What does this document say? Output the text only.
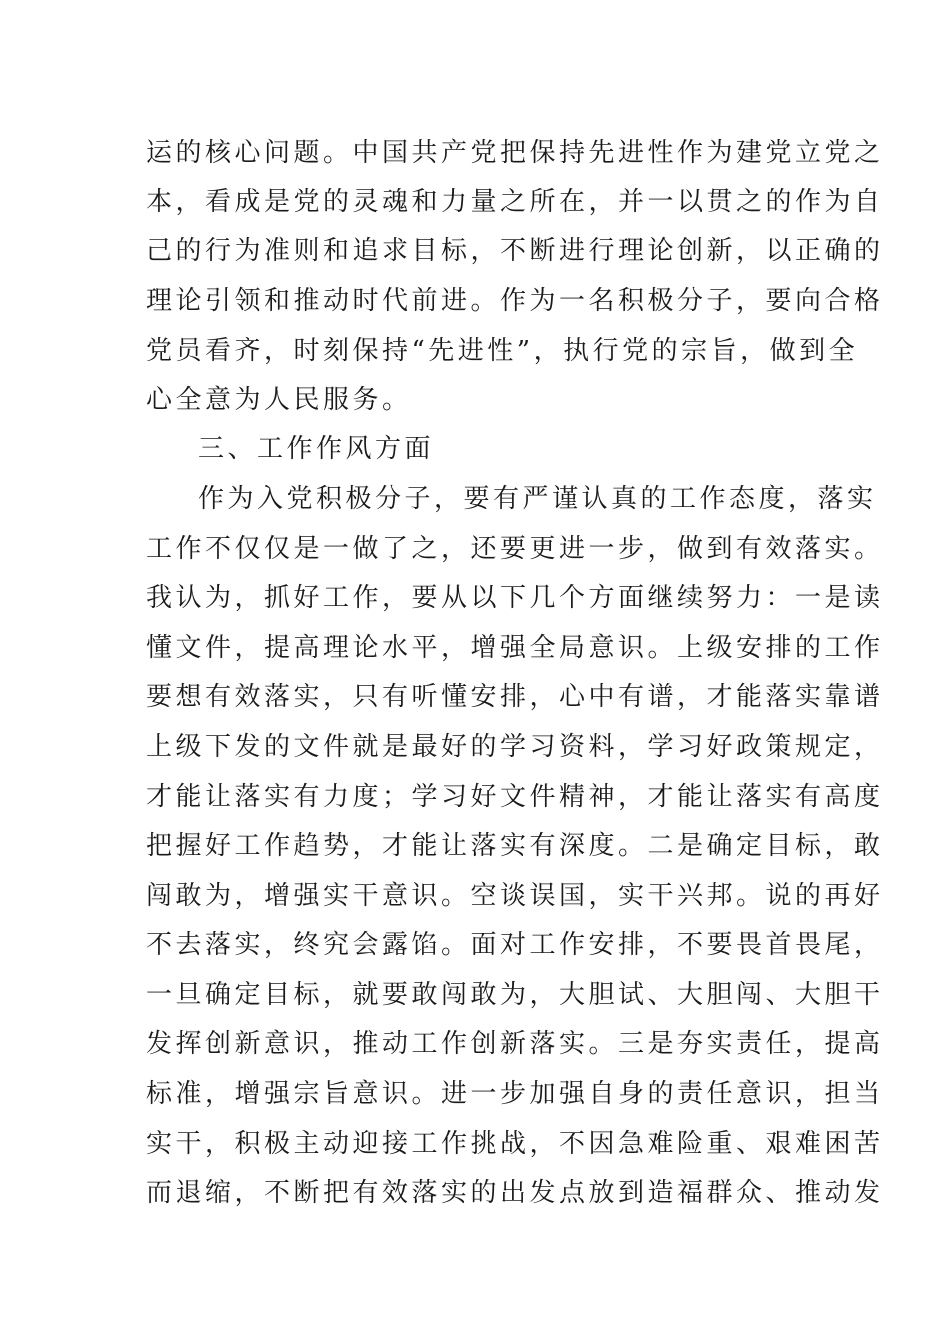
运的核心问题。中国共产党把保持先进性作为建党立党之
本，看成是党的灵魂和力量之所在，并一以贯之的作为自
己的行为准则和追求目标，不断进行理论创新，以正确的
理论引领和推动时代前进。作为一名积极分子，要向合格
党员看齐，时刻保持“先进性”，执行党的宗旨，做到全
心全意为人民服务。
三、工作作风方面
作为入党积极分子，要有严谨认真的工作态度，落实
工作不仅仅是一做了之，还要更进一步，做到有效落实。
我认为，抓好工作，要从以下几个方面继续努力：一是读
懂文件，提高理论水平，增强全局意识。上级安排的工作
要想有效落实，只有听懂安排，心中有谱，才能落实靠谱
上级下发的文件就是最好的学习资料，学习好政策规定，
才能让落实有力度；学习好文件精神，才能让落实有高度
把握好工作趋势，才能让落实有深度。二是确定目标，敢
闯敢为，增强实干意识。空谈误国，实干兴邦。说的再好
不去落实，终究会露馅。面对工作安排，不要畏首畏尾，
一旦确定目标，就要敢闯敢为，大胆试、大胆闯、大胆干
发挥创新意识，推动工作创新落实。三是夯实责任，提高
标准，增强宗旨意识。进一步加强自身的责任意识，担当
实干，积极主动迎接工作挑战，不因急难险重、艰难困苦
而退缩，不断把有效落实的出发点放到造福群众、推动发
